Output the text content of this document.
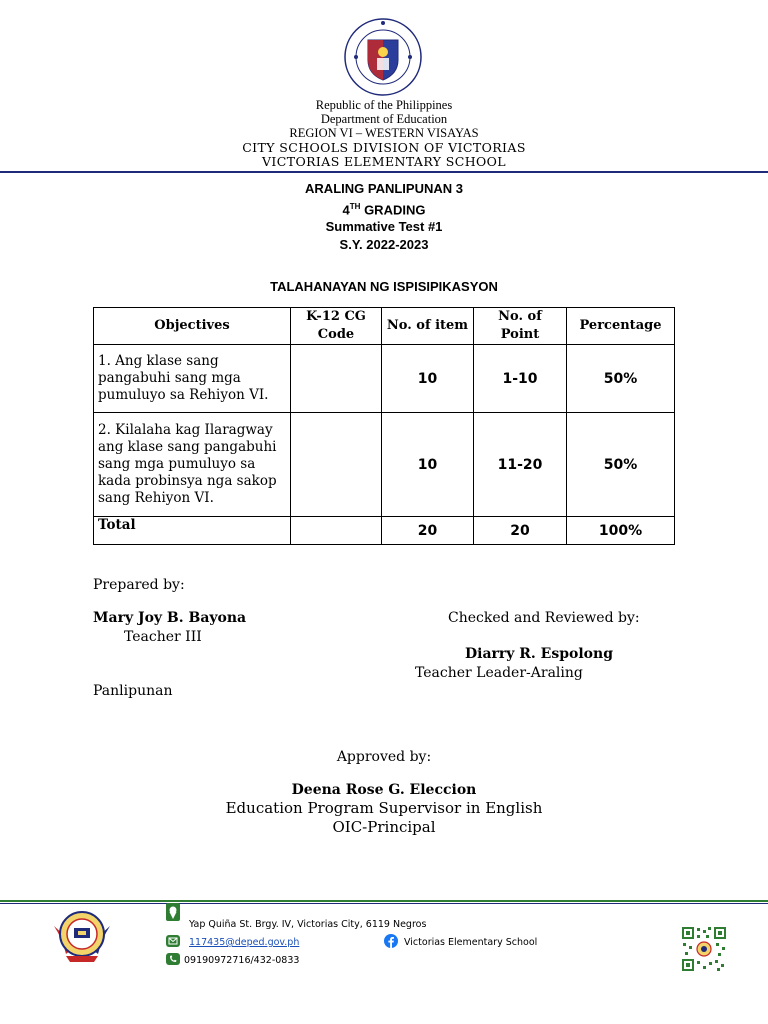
Republic of the Philippines
Department of Education
REGION VI – WESTERN VISAYAS
CITY SCHOOLS DIVISION OF VICTORIAS
VICTORIAS ELEMENTARY SCHOOL
ARALING PANLIPUNAN 3
4TH GRADING
Summative Test #1
S.Y. 2022-2023
TALAHANAYAN NG ISPISIPIKASYON
Objectives	K-12 CG Code	No. of item	No. of Point	Percentage
1. Ang klase sang pangabuhi sang mga pumuluyo sa Rehiyon VI.		10	1-10	50%
2. Kilalaha kag Ilaragway ang klase sang pangabuhi sang mga pumuluyo sa kada probinsya nga sakop sang Rehiyon VI.		10	11-20	50%
Total		20	20	100%
Prepared by:
Mary Joy B. Bayona
Teacher III
Checked and Reviewed by:
Diarry R. Espolong
Teacher Leader-Araling
Panlipunan
Approved by:
Deena Rose G. Eleccion
Education Program Supervisor in English
OIC-Principal
Yap Quiña St. Brgy. IV, Victorias City, 6119 Negros
117435@deped.gov.ph	Victorias Elementary School
09190972716/432-0833
